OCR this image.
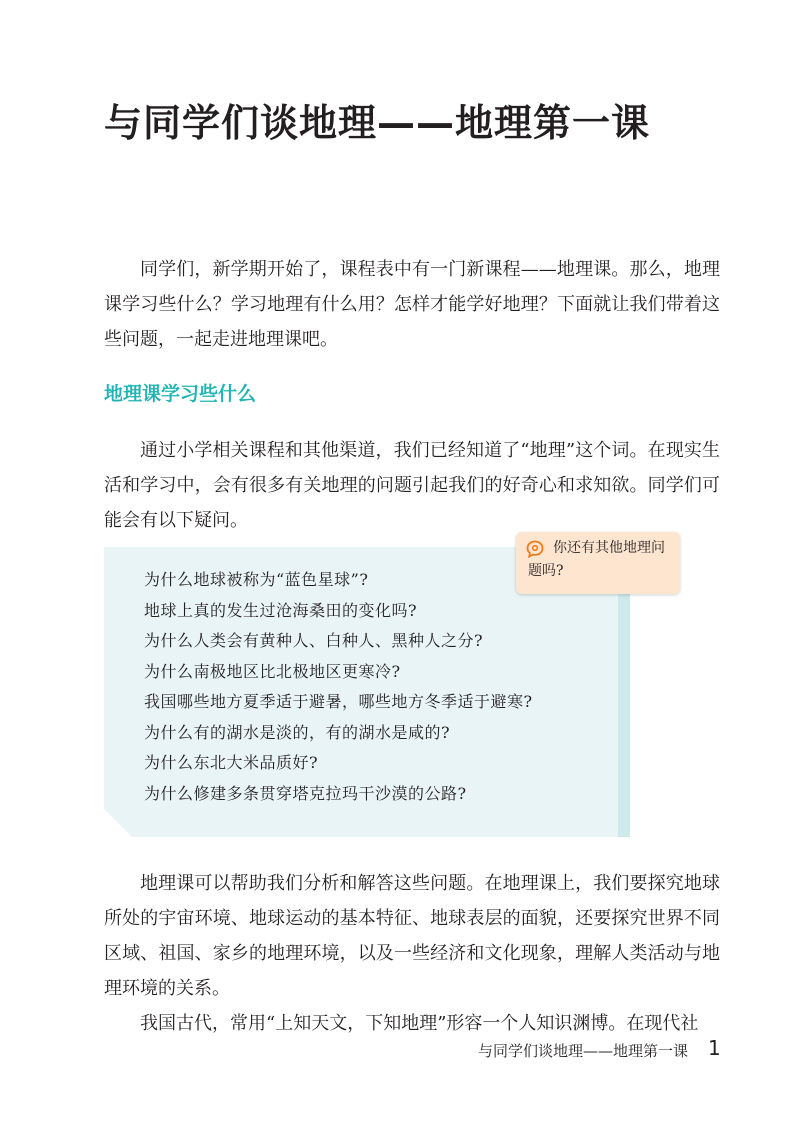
与同学们谈地理——地理第一课

同学们，新学期开始了，课程表中有一门新课程——地理课。那么，地理课学习些什么？学习地理有什么用？怎样才能学好地理？下面就让我们带着这些问题，一起走进地理课吧。

地理课学习些什么

通过小学相关课程和其他渠道，我们已经知道了“地理”这个词。在现实生活和学习中，会有很多有关地理的问题引起我们的好奇心和求知欲。同学们可能会有以下疑问。

为什么地球被称为“蓝色星球”?
地球上真的发生过沧海桑田的变化吗?
为什么人类会有黄种人、白种人、黑种人之分?
为什么南极地区比北极地区更寒冷?
我国哪些地方夏季适于避暑，哪些地方冬季适于避寒?
为什么有的湖水是淡的，有的湖水是咸的?
为什么东北大米品质好?
为什么修建多条贯穿塔克拉玛干沙漠的公路?

你还有其他地理问题吗?

地理课可以帮助我们分析和解答这些问题。在地理课上，我们要探究地球所处的宇宙环境、地球运动的基本特征、地球表层的面貌，还要探究世界不同区域、祖国、家乡的地理环境，以及一些经济和文化现象，理解人类活动与地理环境的关系。

我国古代，常用“上知天文，下知地理”形容一个人知识渊博。在现代社

与同学们谈地理——地理第一课 1
